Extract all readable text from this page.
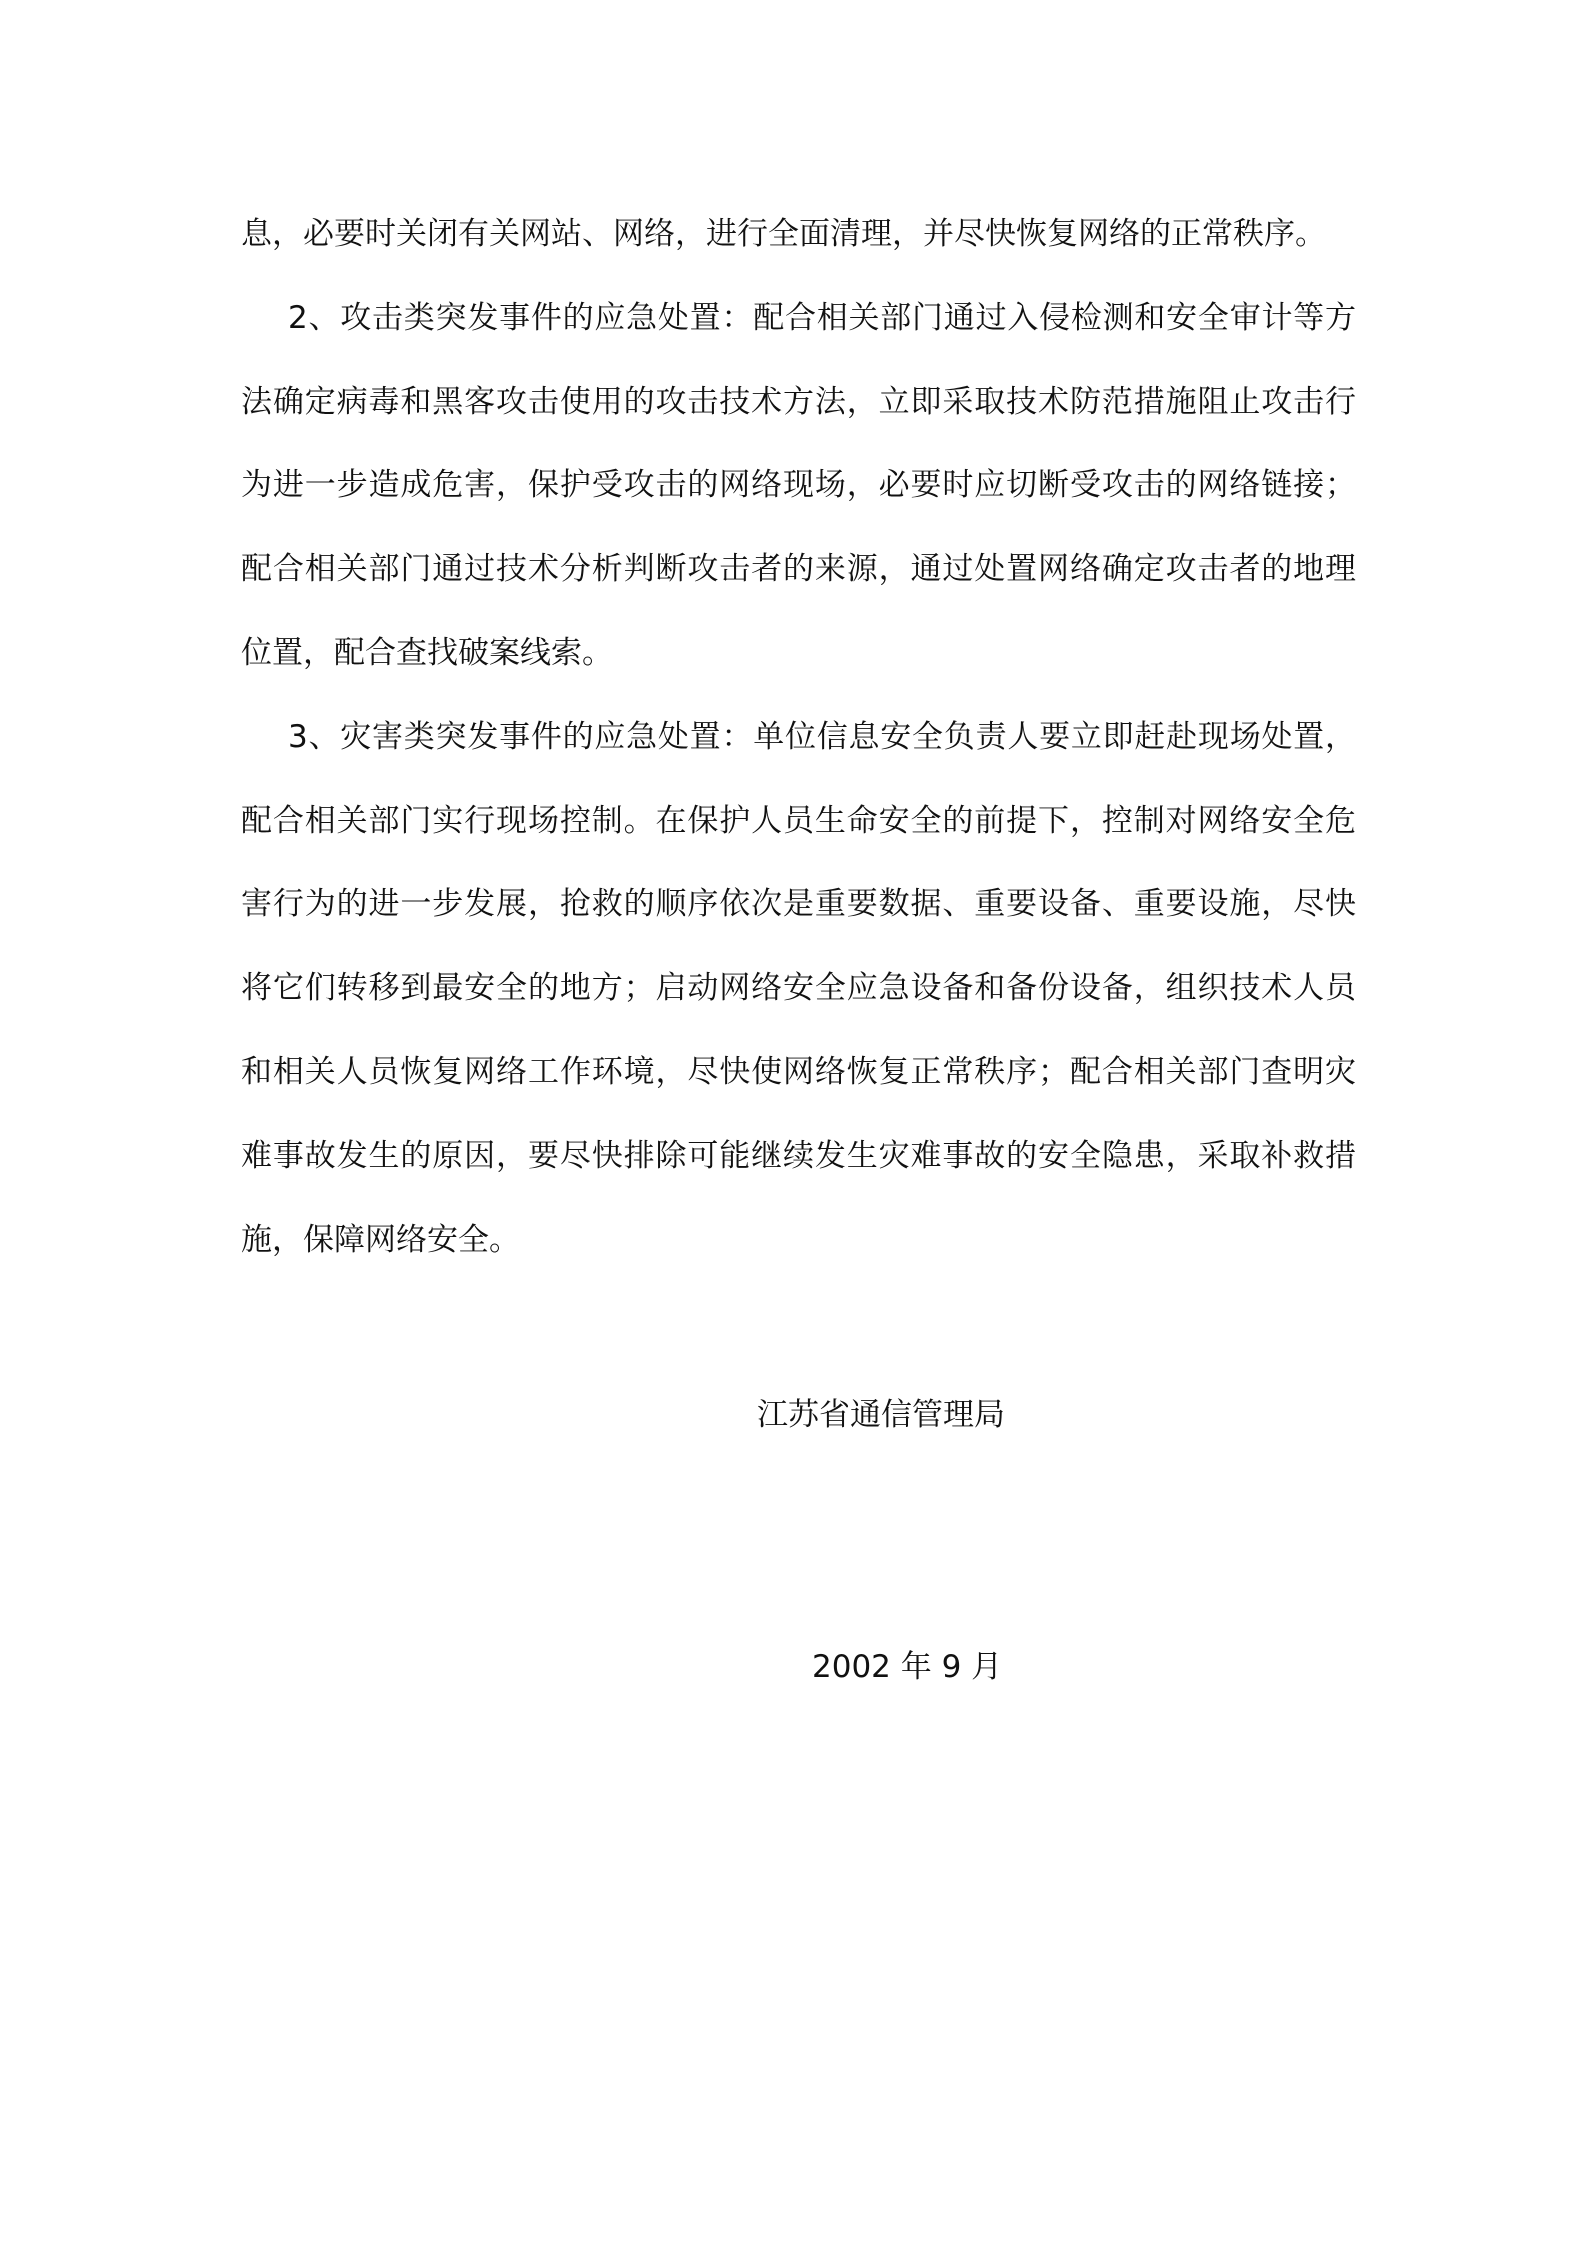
息，必要时关闭有关网站、网络，进行全面清理，并尽快恢复网络的正常秩序。
2、攻击类突发事件的应急处置：配合相关部门通过入侵检测和安全审计等方
法确定病毒和黑客攻击使用的攻击技术方法，立即采取技术防范措施阻止攻击行
为进一步造成危害，保护受攻击的网络现场，必要时应切断受攻击的网络链接；
配合相关部门通过技术分析判断攻击者的来源，通过处置网络确定攻击者的地理
位置，配合查找破案线索。
3、灾害类突发事件的应急处置：单位信息安全负责人要立即赶赴现场处置，
配合相关部门实行现场控制。在保护人员生命安全的前提下，控制对网络安全危
害行为的进一步发展，抢救的顺序依次是重要数据、重要设备、重要设施，尽快
将它们转移到最安全的地方；启动网络安全应急设备和备份设备，组织技术人员
和相关人员恢复网络工作环境，尽快使网络恢复正常秩序；配合相关部门查明灾
难事故发生的原因，要尽快排除可能继续发生灾难事故的安全隐患，采取补救措
施，保障网络安全。
江苏省通信管理局
2002 年 9 月
